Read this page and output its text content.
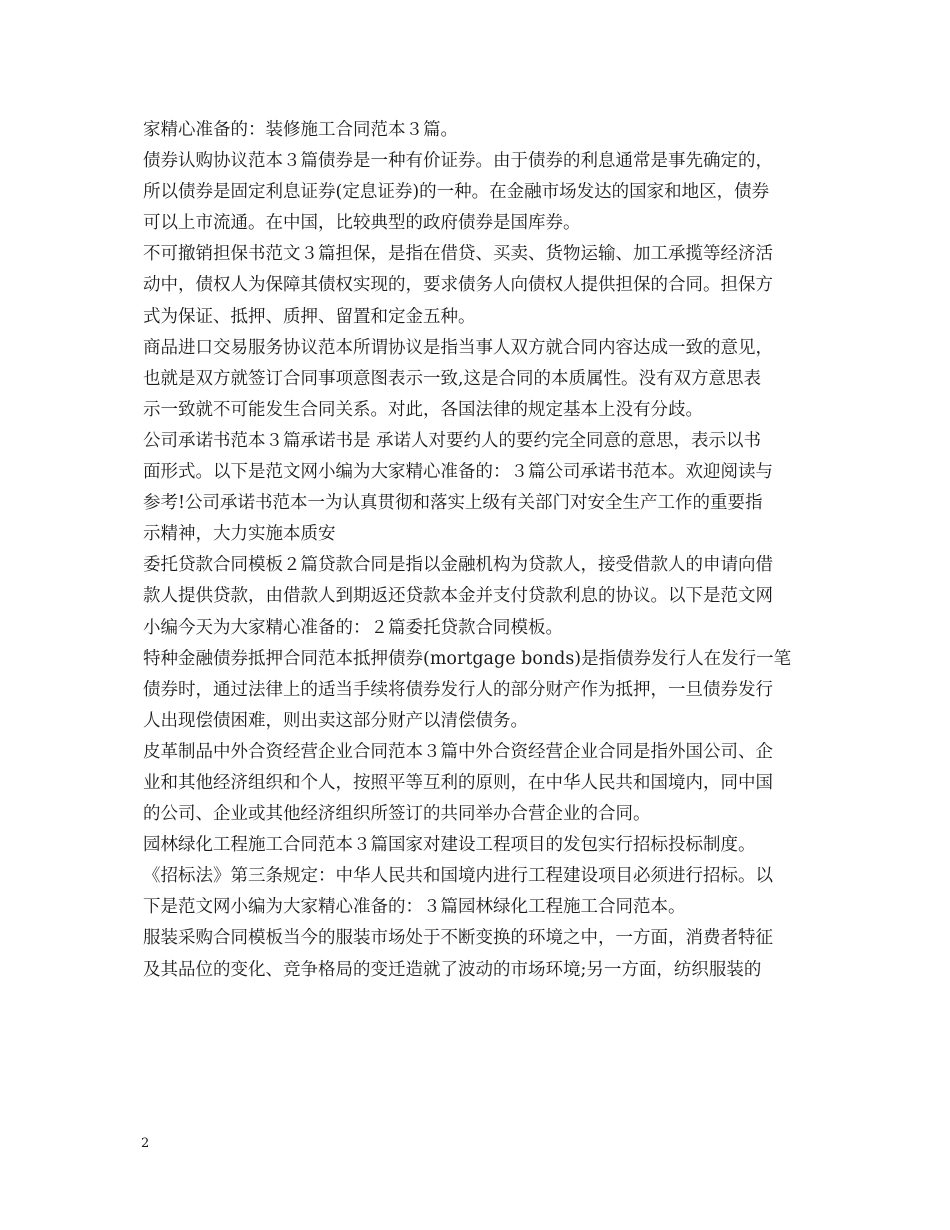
家精心准备的：装修施工合同范本３篇。
债券认购协议范本３篇债券是一种有价证券。由于债券的利息通常是事先确定的，
所以债券是固定利息证券(定息证券)的一种。在金融市场发达的国家和地区，债券
可以上市流通。在中国，比较典型的政府债券是国库券。
不可撤销担保书范文３篇担保，是指在借贷、买卖、货物运输、加工承揽等经济活
动中，债权人为保障其债权实现的，要求债务人向债权人提供担保的合同。担保方
式为保证、抵押、质押、留置和定金五种。
商品进口交易服务协议范本所谓协议是指当事人双方就合同内容达成一致的意见，
也就是双方就签订合同事项意图表示一致,这是合同的本质属性。没有双方意思表
示一致就不可能发生合同关系。对此，各国法律的规定基本上没有分歧。
公司承诺书范本３篇承诺书是 承诺人对要约人的要约完全同意的意思，表示以书
面形式。以下是范文网小编为大家精心准备的：３篇公司承诺书范本。欢迎阅读与
参考!公司承诺书范本一为认真贯彻和落实上级有关部门对安全生产工作的重要指
示精神，大力实施本质安
委托贷款合同模板２篇贷款合同是指以金融机构为贷款人，接受借款人的申请向借
款人提供贷款，由借款人到期返还贷款本金并支付贷款利息的协议。以下是范文网
小编今天为大家精心准备的：２篇委托贷款合同模板。
特种金融债券抵押合同范本抵押债券(mortgage bonds)是指债券发行人在发行一笔
债券时，通过法律上的适当手续将债券发行人的部分财产作为抵押，一旦债券发行
人出现偿债困难，则出卖这部分财产以清偿债务。
皮革制品中外合资经营企业合同范本３篇中外合资经营企业合同是指外国公司、企
业和其他经济组织和个人，按照平等互利的原则，在中华人民共和国境内，同中国
的公司、企业或其他经济组织所签订的共同举办合营企业的合同。
园林绿化工程施工合同范本３篇国家对建设工程项目的发包实行招标投标制度。
《招标法》第三条规定：中华人民共和国境内进行工程建设项目必须进行招标。以
下是范文网小编为大家精心准备的：３篇园林绿化工程施工合同范本。
服装采购合同模板当今的服装市场处于不断变换的环境之中，一方面，消费者特征
及其品位的变化、竞争格局的变迁造就了波动的市场环境;另一方面，纺织服装的
2
